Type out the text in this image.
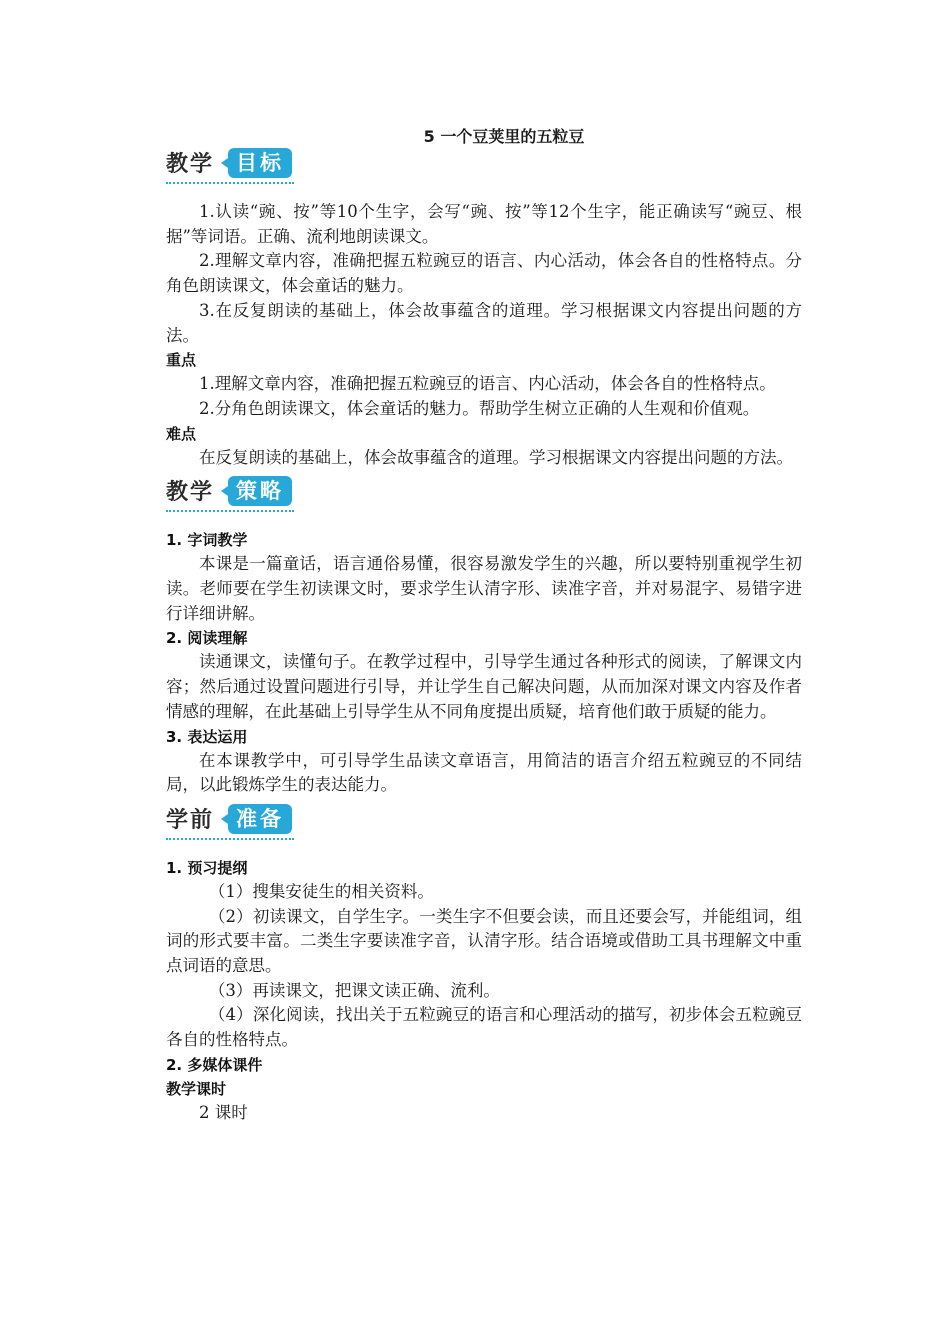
5 一个豆荚里的五粒豆
教学	目标

1.认读“豌、按”等10个生字，会写“豌、按”等12个生字，能正确读写“豌豆、根据”等词语。正确、流利地朗读课文。

2.理解文章内容，准确把握五粒豌豆的语言、内心活动，体会各自的性格特点。分角色朗读课文，体会童话的魅力。

3.在反复朗读的基础上，体会故事蕴含的道理。学习根据课文内容提出问题的方法。

重点

1.理解文章内容，准确把握五粒豌豆的语言、内心活动，体会各自的性格特点。

2.分角色朗读课文，体会童话的魅力。帮助学生树立正确的人生观和价值观。

难点

在反复朗读的基础上，体会故事蕴含的道理。学习根据课文内容提出问题的方法。

教学	策略
1. 字词教学

本课是一篇童话，语言通俗易懂，很容易激发学生的兴趣，所以要特别重视学生初读。老师要在学生初读课文时，要求学生认清字形、读准字音，并对易混字、易错字进行详细讲解。

2. 阅读理解

读通课文，读懂句子。在教学过程中，引导学生通过各种形式的阅读，了解课文内容；然后通过设置问题进行引导，并让学生自己解决问题，从而加深对课文内容及作者情感的理解，在此基础上引导学生从不同角度提出质疑，培育他们敢于质疑的能力。

3. 表达运用

在本课教学中，可引导学生品读文章语言，用简洁的语言介绍五粒豌豆的不同结局，以此锻炼学生的表达能力。

学前	准备
1. 预习提纲

（1）搜集安徒生的相关资料。

（2）初读课文，自学生字。一类生字不但要会读，而且还要会写，并能组词，组词的形式要丰富。二类生字要读准字音，认清字形。结合语境或借助工具书理解文中重点词语的意思。

（3）再读课文，把课文读正确、流利。

（4）深化阅读，找出关于五粒豌豆的语言和心理活动的描写，初步体会五粒豌豆各自的性格特点。

2. 多媒体课件
教学课时

2 课时
